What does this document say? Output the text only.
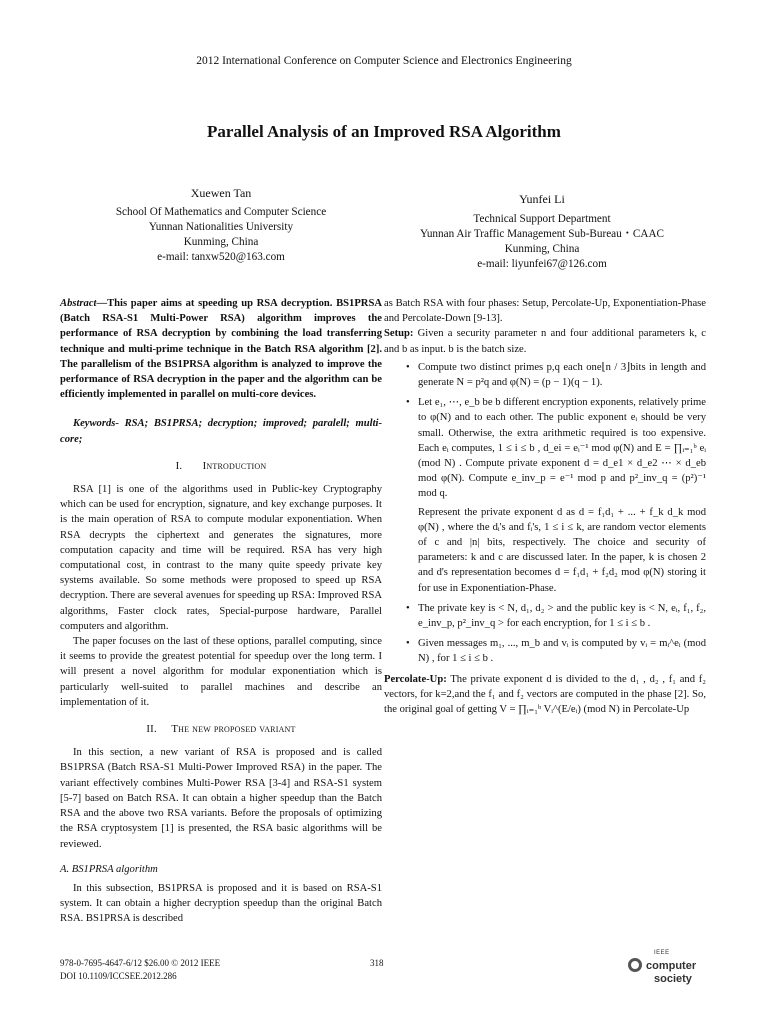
2012 International Conference on Computer Science and Electronics Engineering
Parallel Analysis of an Improved RSA Algorithm
Xuewen Tan
School Of Mathematics and Computer Science
Yunnan Nationalities University
Kunming, China
e-mail: tanxw520@163.com
Yunfei Li
Technical Support Department
Yunnan Air Traffic Management Sub-Bureau・CAAC
Kunming, China
e-mail: liyunfei67@126.com

Abstract—This paper aims at speeding up RSA decryption. BS1PRSA (Batch RSA-S1 Multi-Power RSA) algorithm improves the performance of RSA decryption by combining the load transferring technique and multi-prime technique in the Batch RSA algorithm [2]. The parallelism of the BS1PRSA algorithm is analyzed to improve the performance of RSA decryption in the paper and the algorithm can be efficiently implemented in parallel on multi-core devices.

Keywords- RSA; BS1PRSA; decryption; improved; paralell; multi-core;

I. Introduction

RSA [1] is one of the algorithms used in Public-key Cryptography which can be used for encryption, signature, and key exchange purposes. It is the main operation of RSA to compute modular exponentiation. When RSA decrypts the ciphertext and generates the signatures, more computation capacity and time will be required. RSA has very high computational cost, in contrast to the many quite speedy private key systems available. So some methods were proposed to speed up RSA decryption. There are several avenues for speeding up RSA: Improved RSA algorithms, Faster clock rates, Special-purpose hardware, Parallel computers and algorithm.

The paper focuses on the last of these options, parallel computing, since it seems to provide the greatest potential for speedup over the long term. I will present a novel algorithm for modular exponentiation which is particularly well-suited to parallel machines and describe an implementation of it.

II. The new proposed variant

In this section, a new variant of RSA is proposed and is called BS1PRSA (Batch RSA-S1 Multi-Power Improved RSA) in the paper. The variant effectively combines Multi-Power RSA [3-4] and RSA-S1 system [5-7] based on Batch RSA. It can obtain a higher speedup than the Batch RSA and the above two RSA variants. Before the proposals of optimizing the RSA cryptosystem [1] is presented, the RSA basic algorithms will be reviewed.

A. BS1PRSA algorithm

In this subsection, BS1PRSA is proposed and it is based on RSA-S1 system. It can obtain a higher decryption speedup than the original Batch RSA. BS1PRSA is described

as Batch RSA with four phases: Setup, Percolate-Up, Exponentiation-Phase and Percolate-Down [9-13].

Setup: Given a security parameter n and four additional parameters k, c and b as input. b is the batch size.

• Compute two distinct primes p,q each one⌊n / 3⌋bits in length and generate N = p²q and φ(N) = (p − 1)(q − 1).
• Let e₁, ⋯, e_b be b different encryption exponents, relatively prime to φ(N) and to each other. The public exponent eᵢ should be very small. Otherwise, the extra arithmetic required is too expensive. Each eᵢ computes, 1 ≤ i ≤ b , d_ei = eᵢ⁻¹ mod φ(N) and E = ∏ᵢ₌₁ᵇ eᵢ (mod N) . Compute private exponent d = d_e1 × d_e2 ⋯ × d_eb mod φ(N). Compute e_inv_p = e⁻¹ mod p and p²_inv_q = (p²)⁻¹ mod q.
Represent the private exponent d as d = f₁d₁ + ... + f_k d_k mod φ(N) , where the dᵢ's and fᵢ's, 1 ≤ i ≤ k, are random vector elements of c and |n| bits, respectively. The choice and security of parameters: k and c are discussed later. In the paper, k is chosen 2 and d's representation becomes d = f₁d₁ + f₂d₂ mod φ(N) storing it for use in Exponentiation-Phase.
• The private key is < N, d₁, d₂ > and the public key is < N, eᵢ, f₁, f₂, e_inv_p, p²_inv_q > for each encryption, for 1 ≤ i ≤ b .
• Given messages m₁, ..., m_b and vᵢ is computed by vᵢ = mᵢ^eᵢ (mod N) , for 1 ≤ i ≤ b .

Percolate-Up: The private exponent d is divided to the d₁ , d₂ , f₁ and f₂ vectors, for k=2,and the f₁ and f₂ vectors are computed in the phase [2]. So, the original goal of getting V = ∏ᵢ₌₁ᵇ Vᵢ^(E/eᵢ) (mod N) in Percolate-Up

978-0-7695-4647-6/12 $26.00 © 2012 IEEE
DOI 10.1109/ICCSEE.2012.286
318
IEEE
computer
society
